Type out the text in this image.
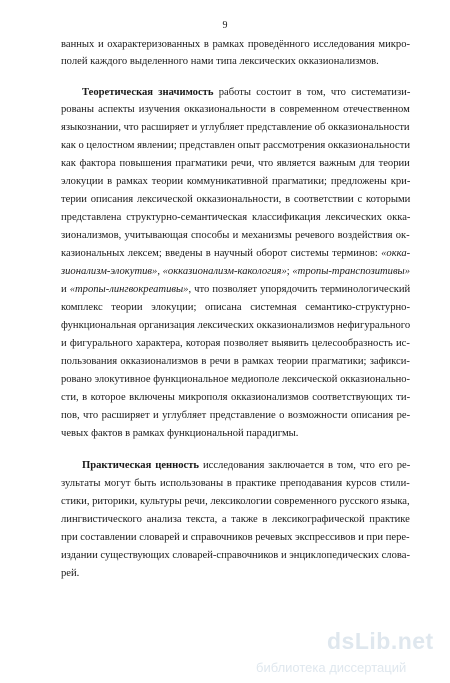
9
ванных и охарактеризованных в рамках проведённого исследования микро-
полей каждого выделенного нами типа лексических окказионализмов.
Теоретическая значимость работы состоит в том, что систематизи-
рованы аспекты изучения окказиональности в современном отечественном
языкознании, что расширяет и углубляет представление об окказиональности
как о целостном явлении; представлен опыт рассмотрения окказиональности
как фактора повышения прагматики речи, что является важным для теории
элокуции в рамках теории коммуникативной прагматики; предложены кри-
терии описания лексической окказиональности, в соответствии с которыми
представлена структурно-семантическая классификация лексических окка-
зионализмов, учитывающая способы и механизмы речевого воздействия ок-
казиональных лексем; введены в научный оборот системы терминов: «окка-
зионализм-элокутив», «окказионализм-какология»; «тропы-транспозитивы»
и «тропы-лингвокреативы», что позволяет упорядочить терминологический
комплекс теории элокуции; описана системная семантико-структурно-
функциональная организация лексических окказионализмов нефигурального
и фигурального характера, которая позволяет выявить целесообразность ис-
пользования окказионализмов в речи в рамках теории прагматики; зафикси-
ровано элокутивное функциональное медиополе лексической окказионально-
сти, в которое включены микрополя окказионализмов соответствующих ти-
пов, что расширяет и углубляет представление о возможности описания ре-
чевых фактов в рамках функциональной парадигмы.
Практическая ценность исследования заключается в том, что его ре-
зультаты могут быть использованы в практике преподавания курсов стили-
стики, риторики, культуры речи, лексикологии современного русского языка,
лингвистического анализа текста, а также в лексикографической практике
при составлении словарей и справочников речевых экспрессивов и при пере-
издании существующих словарей-справочников и энциклопедических слова-
рей.
dsLib.net
библиотека диссертаций
